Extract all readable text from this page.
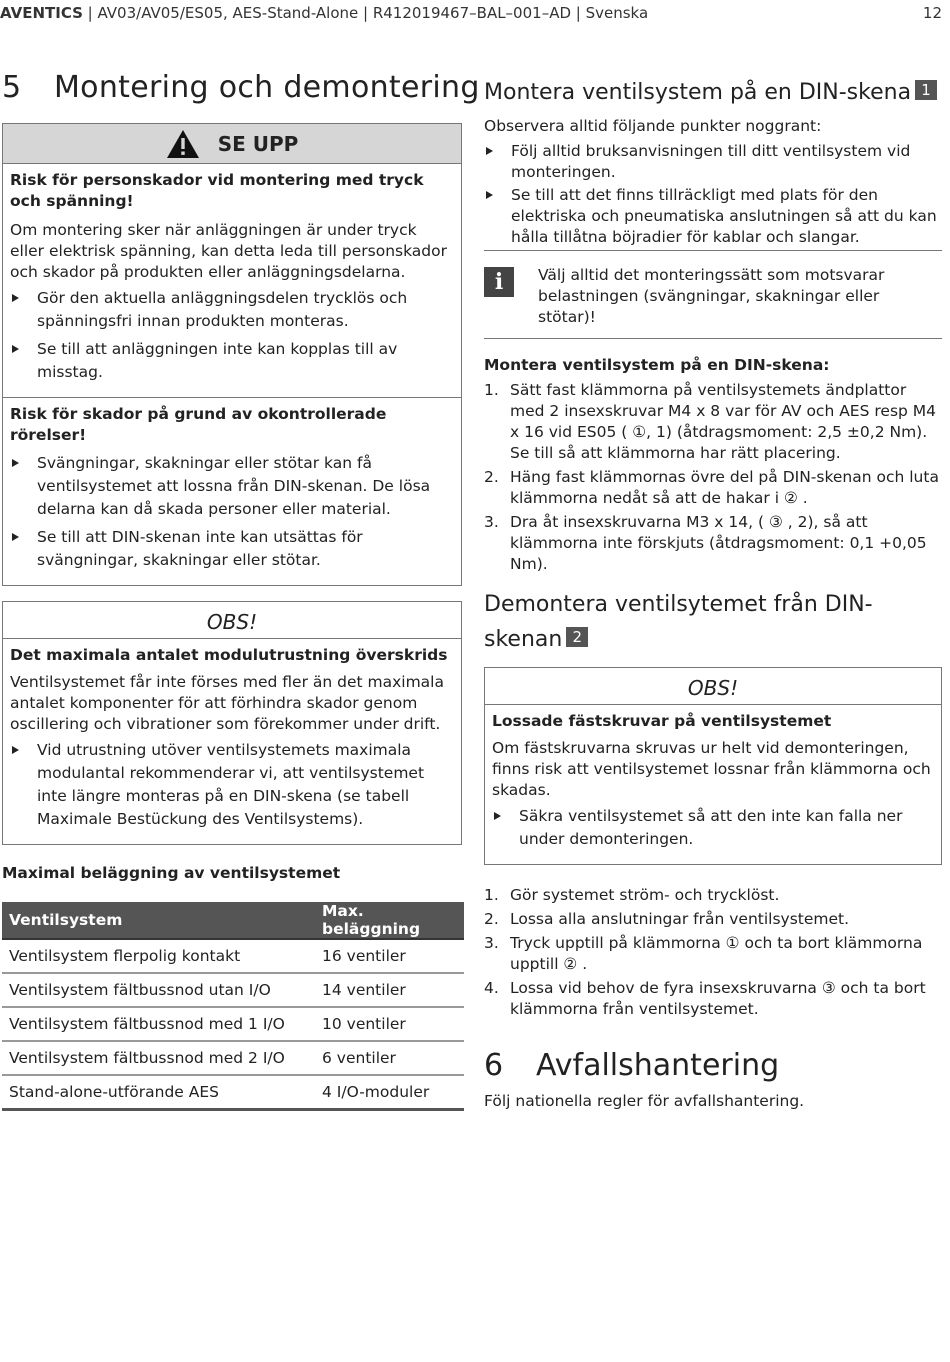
AVENTICS | AV03/AV05/ES05, AES-Stand-Alone | R412019467–BAL–001–AD | Svenska	12
5 Montering och demontering
SE UPP

Risk för personskador vid montering med tryck och spänning!

Om montering sker när anläggningen är under tryck eller elektrisk spänning, kan detta leda till personskador och skador på produkten eller anläggningsdelarna.

Gör den aktuella anläggningsdelen trycklös och spänningsfri innan produkten monteras.
Se till att anläggningen inte kan kopplas till av misstag.

Risk för skador på grund av okontrollerade rörelser!

Svängningar, skakningar eller stötar kan få ventilsystemet att lossna från DIN-skenan. De lösa delarna kan då skada personer eller material.
Se till att DIN-skenan inte kan utsättas för svängningar, skakningar eller stötar.
OBS!

Det maximala antalet modulutrustning överskrids

Ventilsystemet får inte förses med fler än det maximala antalet komponenter för att förhindra skador genom oscillering och vibrationer som förekommer under drift.

Vid utrustning utöver ventilsystemets maximala modulantal rekommenderar vi, att ventilsystemet inte längre monteras på en DIN-skena (se tabell Maximale Bestückung des Ventilsystems).

Maximal beläggning av ventilsystemet

Ventilsystem	Max. beläggning
Ventilsystem flerpolig kontakt	16 ventiler
Ventilsystem fältbussnod utan I/O	14 ventiler
Ventilsystem fältbussnod med 1 I/O	10 ventiler
Ventilsystem fältbussnod med 2 I/O	6 ventiler
Stand-alone-utförande AES	4 I/O-moduler
Montera ventilsystem på en DIN-skena 1

Observera alltid följande punkter noggrant:

Följ alltid bruksanvisningen till ditt ventilsystem vid monteringen.
Se till att det finns tillräckligt med plats för den elektriska och pneumatiska anslutningen så att du kan hålla tillåtna böjradier för kablar och slangar.
i	Välj alltid det monteringssätt som motsvarar belastningen (svängningar, skakningar eller stötar)!

Montera ventilsystem på en DIN-skena:

1. Sätt fast klämmorna på ventilsystemets ändplattor med 2 insexskruvar M4 x 8 var för AV och AES resp M4 x 16 vid ES05 ( ①, 1) (åtdragsmoment: 2,5 ±0,2 Nm). Se till så att klämmorna har rätt placering.
2. Häng fast klämmornas övre del på DIN-skenan och luta klämmorna nedåt så att de hakar i ② .
3. Dra åt insexskruvarna M3 x 14, ( ③ , 2), så att klämmorna inte förskjuts (åtdragsmoment: 0,1 +0,05 Nm).
Demontera ventilsytemet från DIN-skenan 2
OBS!

Lossade fästskruvar på ventilsystemet

Om fästskruvarna skruvas ur helt vid demonteringen, finns risk att ventilsystemet lossnar från klämmorna och skadas.

Säkra ventilsystemet så att den inte kan falla ner under demonteringen.
1. Gör systemet ström- och trycklöst.
2. Lossa alla anslutningar från ventilsystemet.
3. Tryck upptill på klämmorna ① och ta bort klämmorna upptill ② .
4. Lossa vid behov de fyra insexskruvarna ③ och ta bort klämmorna från ventilsystemet.
6 Avfallshantering

Följ nationella regler för avfallshantering.
